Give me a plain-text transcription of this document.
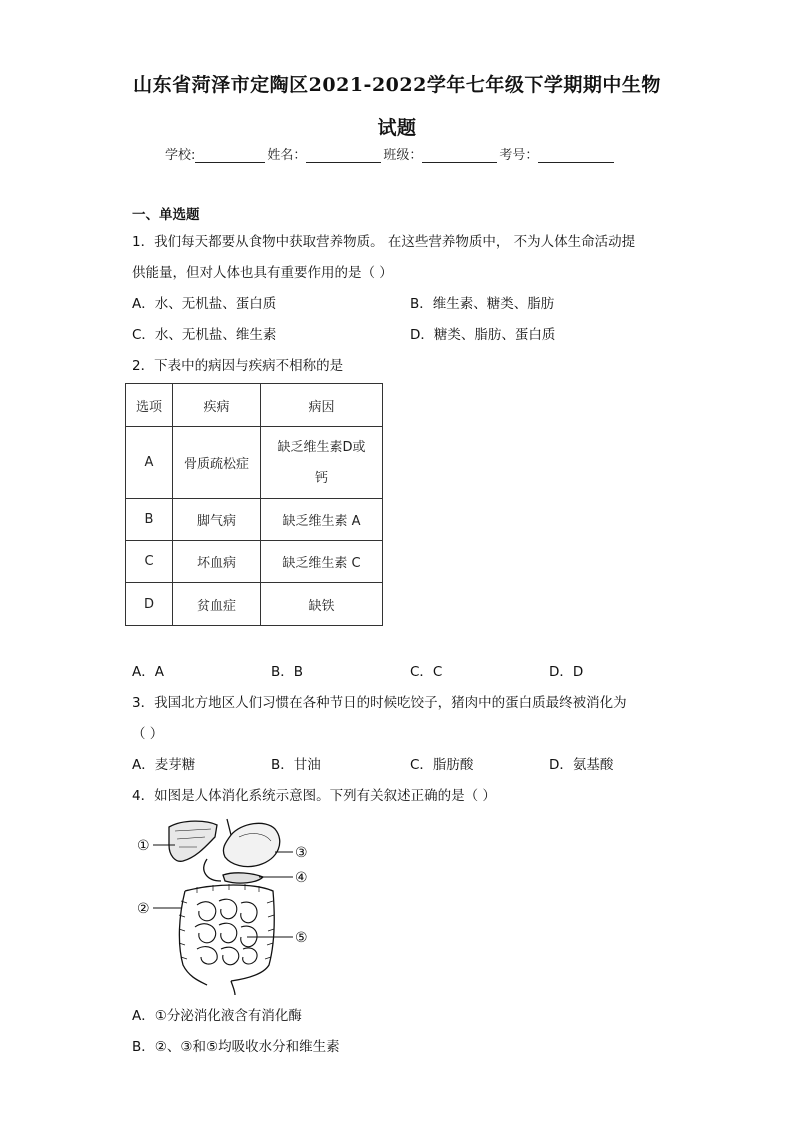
山东省菏泽市定陶区2021-2022学年七年级下学期期中生物
试题
学校:	姓名：	班级：	考号：
一、单选题
1．我们每天都要从食物中获取营养物质。 在这些营养物质中， 不为人体生命活动提
供能量，但对人体也具有重要作用的是（ ）
A．水、无机盐、蛋白质	B．维生素、糖类、脂肪
C．水、无机盐、维生素	D．糖类、脂肪、蛋白质
2．下表中的病因与疾病不相称的是
选项	疾病	病因
A	骨质疏松症	缺乏维生素D或
钙

B	脚气病	缺乏维生素 A
C	坏血病	缺乏维生素 C
D	贫血症	缺铁
A．A	B．B	C．C	D．D
3．我国北方地区人们习惯在各种节日的时候吃饺子，猪肉中的蛋白质最终被消化为
（ ）
A．麦芽糖	B．甘油	C．脂肪酸	D．氨基酸
4．如图是人体消化系统示意图。下列有关叙述正确的是（ ）
①
②
③
④
⑤
A．①分泌消化液含有消化酶
B．②、③和⑤均吸收水分和维生素
